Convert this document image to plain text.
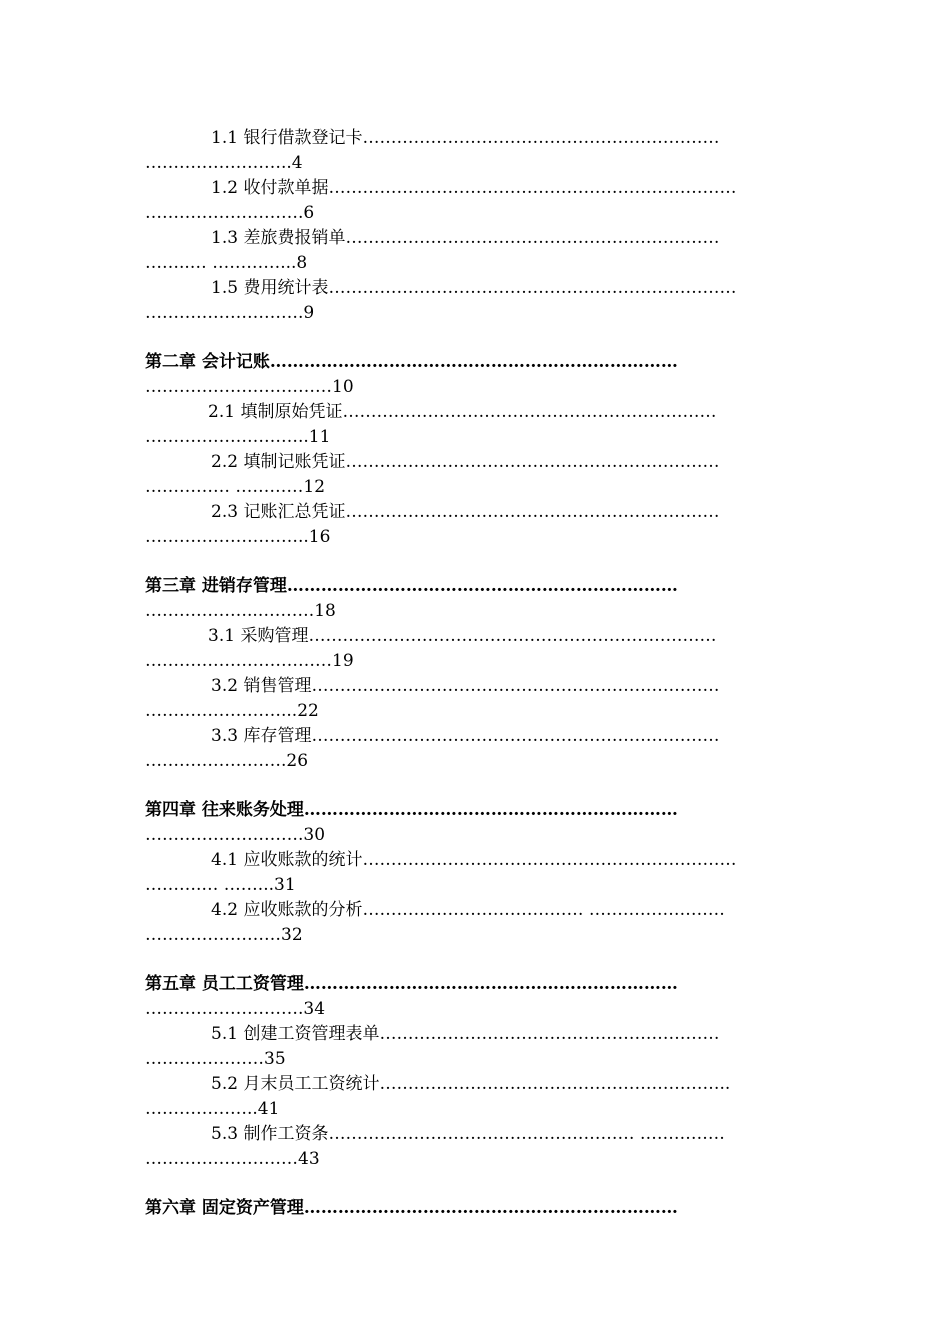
1.1 银行借款登记卡………………………………………………………
……………………..4
1.2 收付款单据………………………………………………………………
……………………….6
1.3 差旅费报销单…………………………………………………………
……..… …………...8
1.5 费用统计表………………………………………………………………
……………………….9
第二章 会计记账………………………………………………………………
……………………………10
2.1 填制原始凭证…………………………………………………………
………………………..11
2.2 填制记账凭证…………………………………………………………
…………… …………12
2.3 记账汇总凭证…………………………………………………………
………………………..16
第三章 进销存管理……………………………………………………………
………………..……….18
3.1 采购管理………………………………………………………………
……………………………19
3.2 销售管理………………………………………………………………
……………………...22
3.3 库存管理………………………………………………………………
…………………….26
第四章 往来账务处理…………………………………………………………
……………………….30
4.1 应收账款的统计…………………………………………………………
……….… ……...31
4.2 应收账款的分析………………………………… ……………………
……………………32
第五章 员工工资管理…………………………………………………………
……………………….34
5.1 创建工资管理表单……………………………………………………
…………………35
5.2 月末员工工资统计……………………………………………………..
………………..41
5.3 制作工资条……………………………………………… ……………
………………………43
第六章 固定资产管理…………………………………………………………
